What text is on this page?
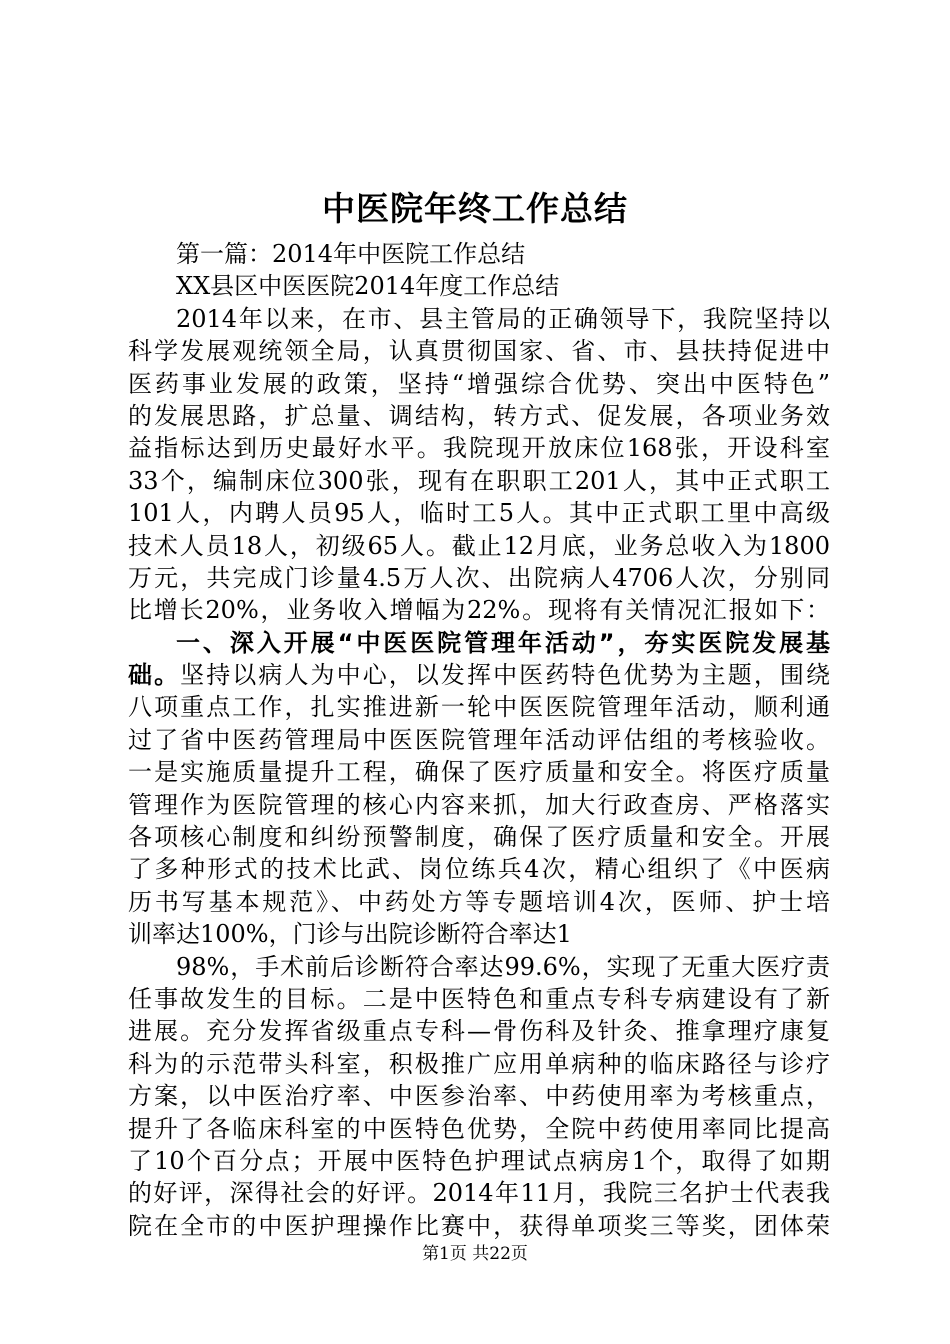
中医院年终工作总结
第一篇：2014年中医院工作总结
XX县区中医医院2014年度工作总结
2014年以来，在市、县主管局的正确领导下，我院坚持以
科学发展观统领全局，认真贯彻国家、省、市、县扶持促进中
医药事业发展的政策，坚持“增强综合优势、突出中医特色”
的发展思路，扩总量、调结构，转方式、促发展，各项业务效
益指标达到历史最好水平。我院现开放床位168张，开设科室
33个，编制床位300张，现有在职职工201人，其中正式职工
101人，内聘人员95人，临时工5人。其中正式职工里中高级
技术人员18人，初级65人。截止12月底，业务总收入为1800
万元，共完成门诊量4.5万人次、出院病人4706人次，分别同
比增长20%，业务收入增幅为22%。现将有关情况汇报如下：
一、深入开展“中医医院管理年活动”，夯实医院发展基
础。坚持以病人为中心，以发挥中医药特色优势为主题，围绕
八项重点工作，扎实推进新一轮中医医院管理年活动，顺利通
过了省中医药管理局中医医院管理年活动评估组的考核验收。
一是实施质量提升工程，确保了医疗质量和安全。将医疗质量
管理作为医院管理的核心内容来抓，加大行政查房、严格落实
各项核心制度和纠纷预警制度，确保了医疗质量和安全。开展
了多种形式的技术比武、岗位练兵4次，精心组织了《中医病
历书写基本规范》、中药处方等专题培训4次，医师、护士培
训率达100%，门诊与出院诊断符合率达1
98%，手术前后诊断符合率达99.6%，实现了无重大医疗责
任事故发生的目标。二是中医特色和重点专科专病建设有了新
进展。充分发挥省级重点专科—骨伤科及针灸、推拿理疗康复
科为的示范带头科室，积极推广应用单病种的临床路径与诊疗
方案，以中医治疗率、中医参治率、中药使用率为考核重点，
提升了各临床科室的中医特色优势，全院中药使用率同比提高
了10个百分点；开展中医特色护理试点病房1个，取得了如期
的好评，深得社会的好评。2014年11月，我院三名护士代表我
院在全市的中医护理操作比赛中，获得单项奖三等奖，团体荣
第1页 共22页
